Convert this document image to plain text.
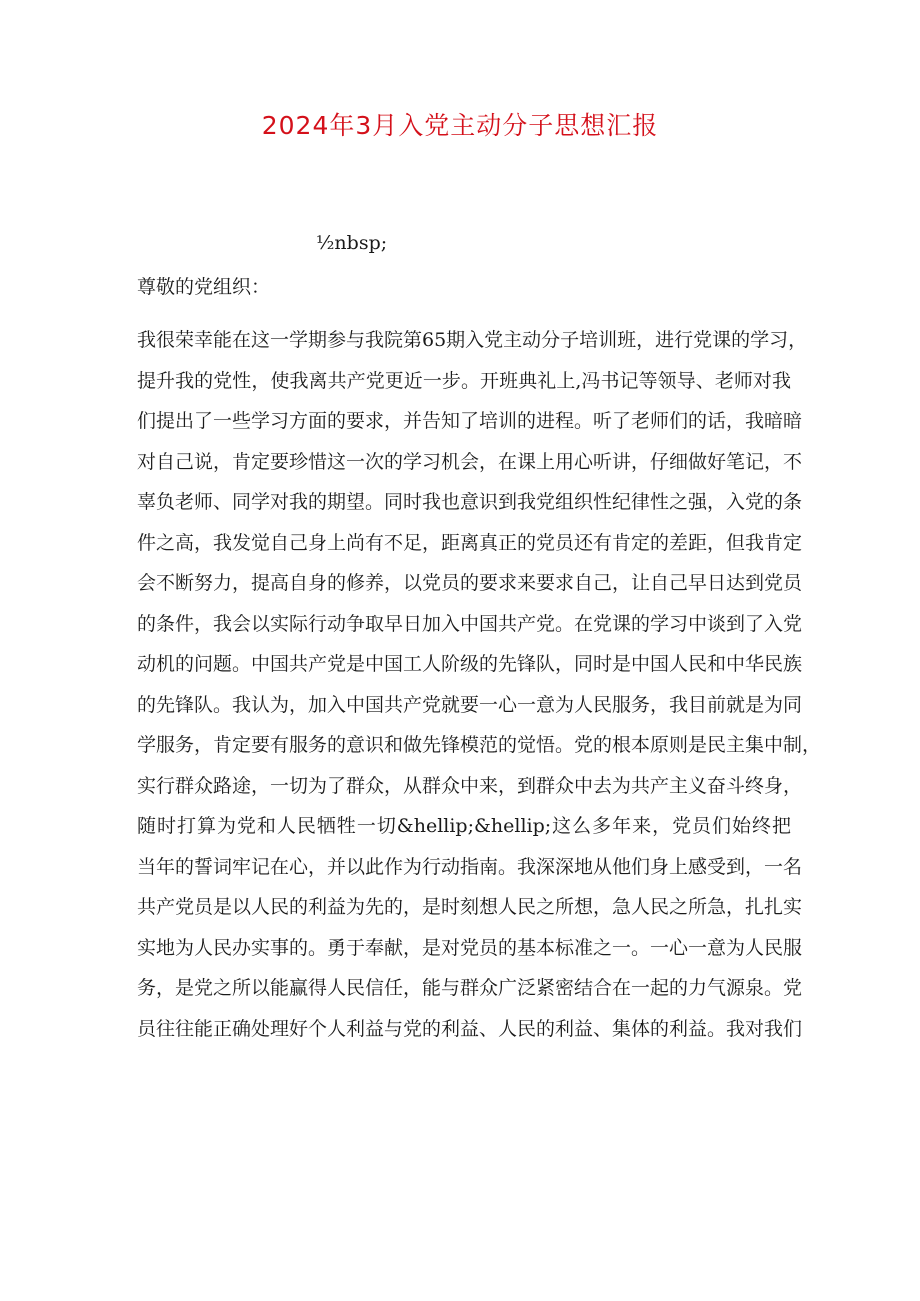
2024年3月入党主动分子思想汇报

½nbsp;

尊敬的党组织：

我很荣幸能在这一学期参与我院第65期入党主动分子培训班，进行党课的学习，
提升我的党性，使我离共产党更近一步。开班典礼上,冯书记等领导、老师对我
们提出了一些学习方面的要求，并告知了培训的进程。听了老师们的话，我暗暗
对自己说，肯定要珍惜这一次的学习机会，在课上用心听讲，仔细做好笔记，不
辜负老师、同学对我的期望。同时我也意识到我党组织性纪律性之强，入党的条
件之高，我发觉自己身上尚有不足，距离真正的党员还有肯定的差距，但我肯定
会不断努力，提高自身的修养，以党员的要求来要求自己，让自己早日达到党员
的条件，我会以实际行动争取早日加入中国共产党。在党课的学习中谈到了入党
动机的问题。中国共产党是中国工人阶级的先锋队，同时是中国人民和中华民族
的先锋队。我认为，加入中国共产党就要一心一意为人民服务，我目前就是为同
学服务，肯定要有服务的意识和做先锋模范的觉悟。党的根本原则是民主集中制，
实行群众路途，一切为了群众，从群众中来，到群众中去为共产主义奋斗终身，
随时打算为党和人民牺牲一切&hellip;&hellip;这么多年来，党员们始终把
当年的誓词牢记在心，并以此作为行动指南。我深深地从他们身上感受到，一名
共产党员是以人民的利益为先的，是时刻想人民之所想，急人民之所急，扎扎实
实地为人民办实事的。勇于奉献，是对党员的基本标准之一。一心一意为人民服
务，是党之所以能赢得人民信任，能与群众广泛紧密结合在一起的力气源泉。党
员往往能正确处理好个人利益与党的利益、人民的利益、集体的利益。我对我们
